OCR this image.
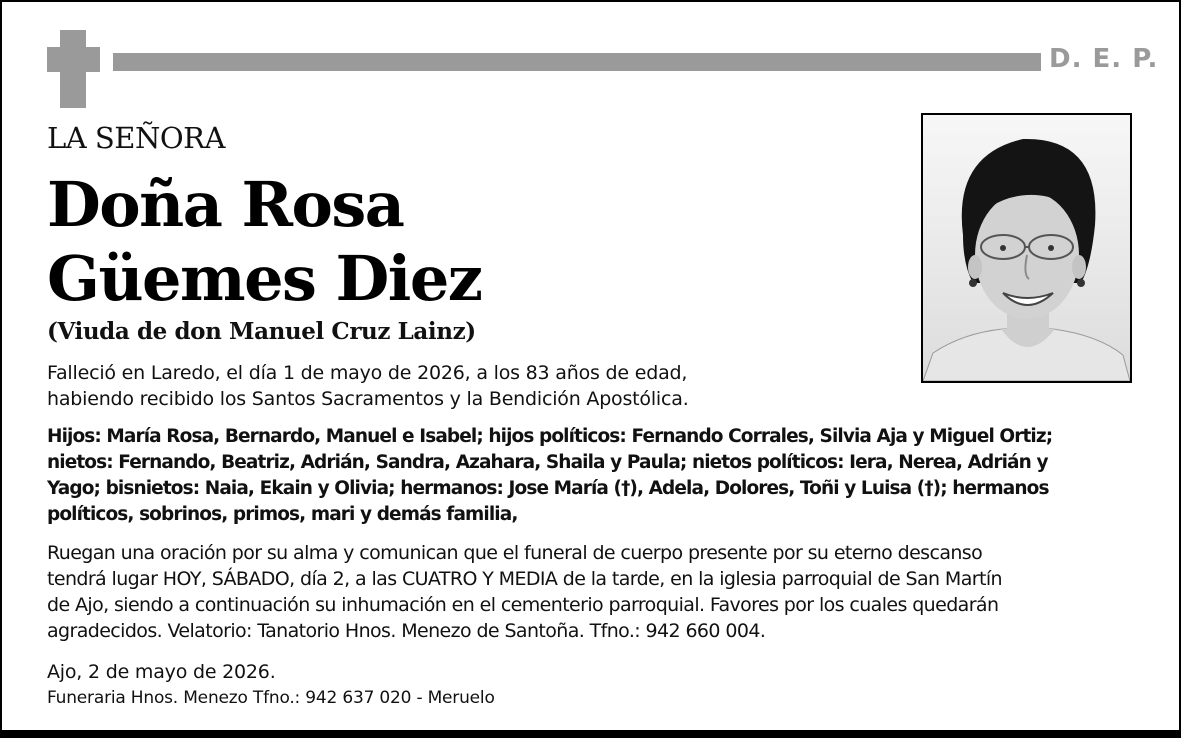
D. E. P.
LA SEÑORA
Doña Rosa
Güemes Diez
(Viuda de don Manuel Cruz Lainz)
Falleció en Laredo, el día 1 de mayo de 2026, a los 83 años de edad,
habiendo recibido los Santos Sacramentos y la Bendición Apostólica.
Hijos: María Rosa, Bernardo, Manuel e Isabel; hijos políticos: Fernando Corrales, Silvia Aja y Miguel Ortiz;
nietos: Fernando, Beatriz, Adrián, Sandra, Azahara, Shaila y Paula; nietos políticos: Iera, Nerea, Adrián y
Yago; bisnietos: Naia, Ekain y Olivia; hermanos: Jose María (†), Adela, Dolores, Toñi y Luisa (†); hermanos
políticos, sobrinos, primos, mari y demás familia,
Ruegan una oración por su alma y comunican que el funeral de cuerpo presente por su eterno descanso
tendrá lugar HOY, SÁBADO, día 2, a las CUATRO Y MEDIA de la tarde, en la iglesia parroquial de San Martín
de Ajo, siendo a continuación su inhumación en el cementerio parroquial. Favores por los cuales quedarán
agradecidos. Velatorio: Tanatorio Hnos. Menezo de Santoña. Tfno.: 942 660 004.
Ajo, 2 de mayo de 2026.
Funeraria Hnos. Menezo Tfno.: 942 637 020 - Meruelo
